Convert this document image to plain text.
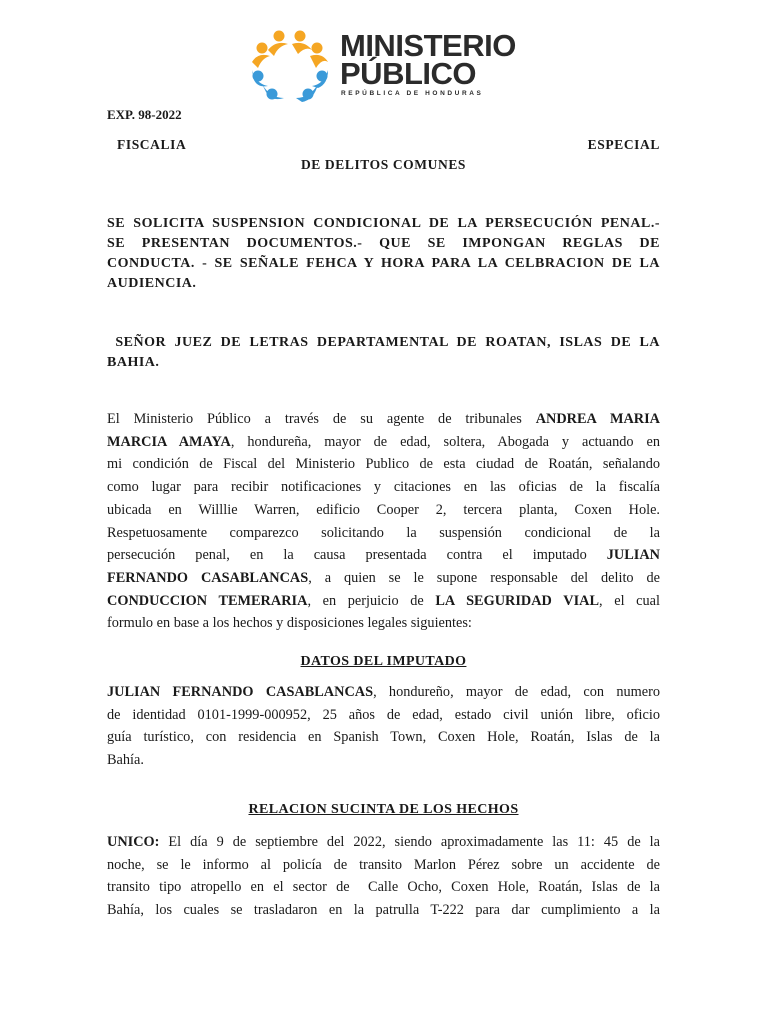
MINISTERIO
PÚBLICO
REPÚBLICA DE HONDURAS
EXP. 98-2022
FISCALIA	ESPECIAL
DE DELITOS COMUNES
SE SOLICITA SUSPENSION CONDICIONAL DE LA PERSECUCIÓN PENAL.-
SE PRESENTAN DOCUMENTOS.- QUE SE IMPONGAN REGLAS DE
CONDUCTA. - SE SEÑALE FEHCA Y HORA PARA LA CELBRACION DE LA
AUDIENCIA.
SEÑOR JUEZ DE LETRAS DEPARTAMENTAL DE ROATAN, ISLAS DE LA
BAHIA.
El Ministerio Público a través de su agente de tribunales ANDREA MARIA
MARCIA AMAYA, hondureña, mayor de edad, soltera, Abogada y actuando en
mi condición de Fiscal del Ministerio Publico de esta ciudad de Roatán, señalando
como lugar para recibir notificaciones y citaciones en las oficias de la fiscalía
ubicada en Willlie Warren, edificio Cooper 2, tercera planta, Coxen Hole.
Respetuosamente comparezco solicitando la suspensión condicional de la
persecución penal, en la causa presentada contra el imputado JULIAN
FERNANDO CASABLANCAS, a quien se le supone responsable del delito de
CONDUCCION TEMERARIA, en perjuicio de LA SEGURIDAD VIAL, el cual
formulo en base a los hechos y disposiciones legales siguientes:
DATOS DEL IMPUTADO
JULIAN FERNANDO CASABLANCAS, hondureño, mayor de edad, con numero
de identidad 0101-1999-000952, 25 años de edad, estado civil unión libre, oficio
guía turístico, con residencia en Spanish Town, Coxen Hole, Roatán, Islas de la
Bahía.
RELACION SUCINTA DE LOS HECHOS
UNICO: El día 9 de septiembre del 2022, siendo aproximadamente las 11: 45 de la
noche, se le informo al policía de transito Marlon Pérez sobre un accidente de
transito tipo atropello en el sector de  Calle Ocho, Coxen Hole, Roatán, Islas de la
Bahía, los cuales se trasladaron en la patrulla T-222 para dar cumplimiento a la
